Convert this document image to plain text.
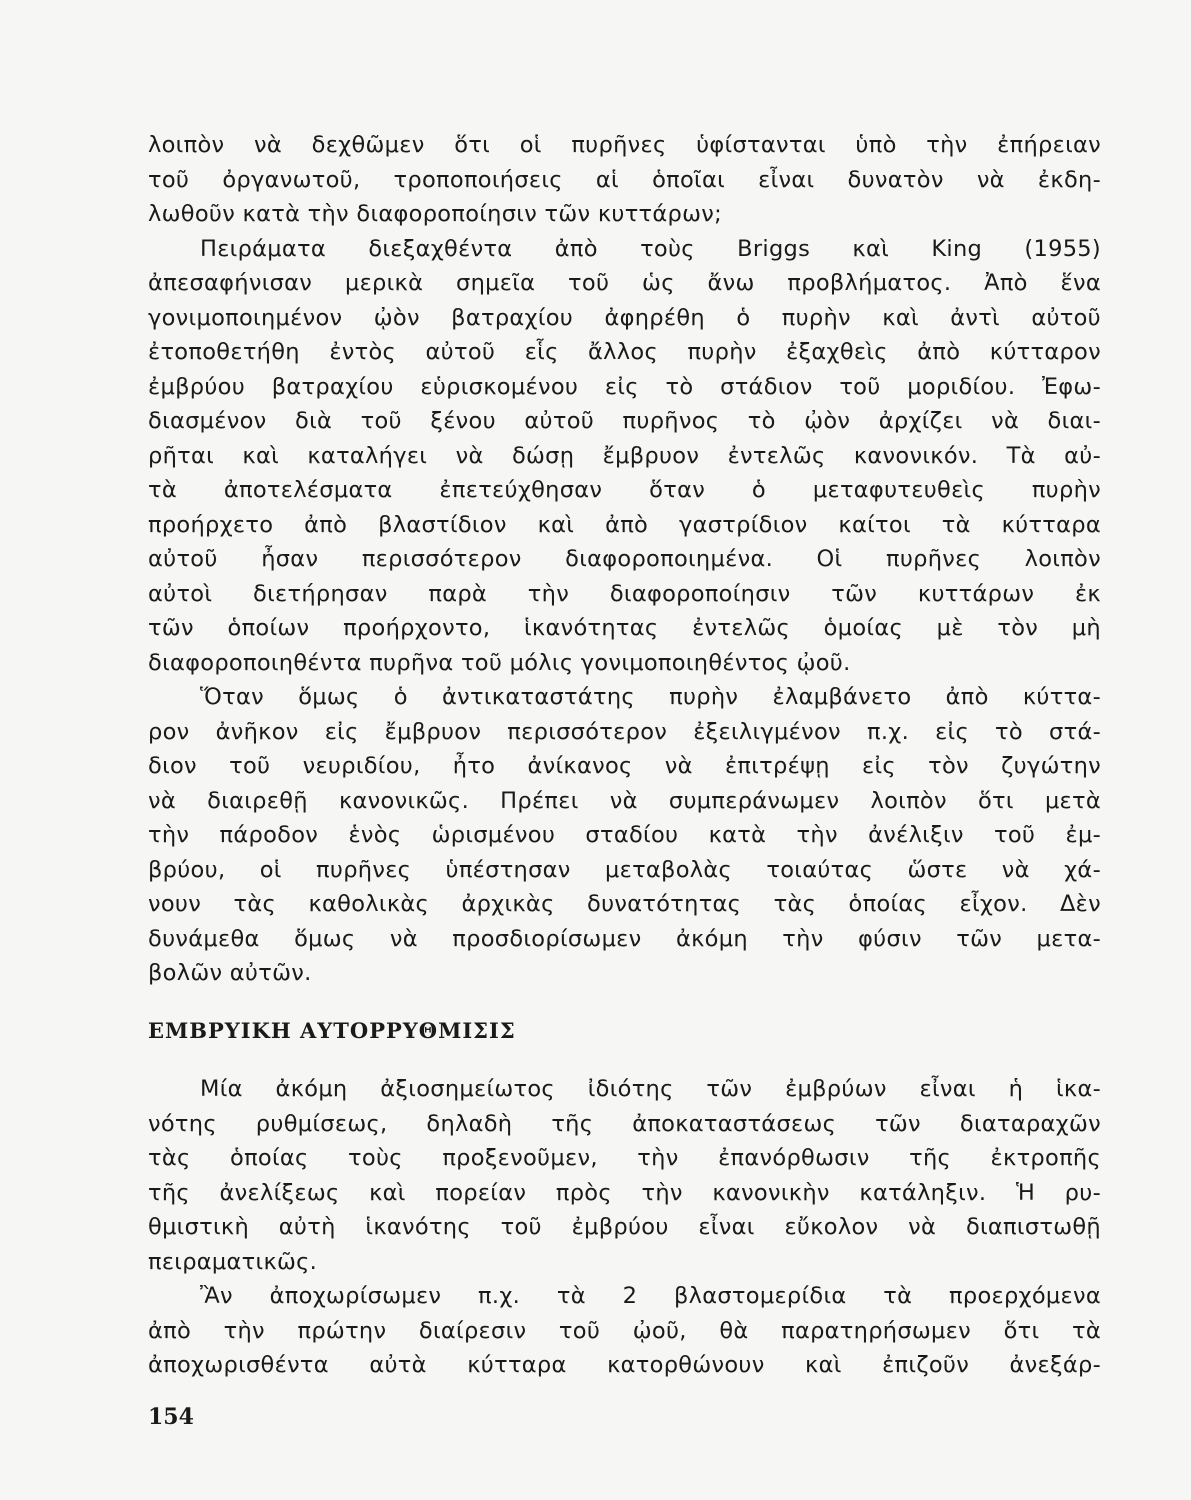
λοιπὸν νὰ δεχθῶμεν ὅτι οἱ πυρῆνες ὑφίστανται ὑπὸ τὴν ἐπήρειαν
τοῦ ὀργανωτοῦ, τροποποιήσεις αἱ ὁποῖαι εἶναι δυνατὸν νὰ ἐκδη-
λωθοῦν κατὰ τὴν διαφοροποίησιν τῶν κυττάρων;
Πειράματα διεξαχθέντα ἀπὸ τοὺς Briggs καὶ King (1955)
ἀπεσαφήνισαν μερικὰ σημεῖα τοῦ ὡς ἄνω προβλήματος. Ἀπὸ ἕνα
γονιμοποιημένον ᾠὸν βατραχίου ἀφηρέθη ὁ πυρὴν καὶ ἀντὶ αὐτοῦ
ἐτοποθετήθη ἐντὸς αὐτοῦ εἷς ἄλλος πυρὴν ἐξαχθεὶς ἀπὸ κύτταρον
ἐμβρύου βατραχίου εὑρισκομένου εἰς τὸ στάδιον τοῦ μοριδίου. Ἐφω-
διασμένον διὰ τοῦ ξένου αὐτοῦ πυρῆνος τὸ ᾠὸν ἀρχίζει νὰ διαι-
ρῆται καὶ καταλήγει νὰ δώσῃ ἔμβρυον ἐντελῶς κανονικόν. Τὰ αὐ-
τὰ ἀποτελέσματα ἐπετεύχθησαν ὅταν ὁ μεταφυτευθεὶς πυρὴν
προήρχετο ἀπὸ βλαστίδιον καὶ ἀπὸ γαστρίδιον καίτοι τὰ κύτταρα
αὐτοῦ ἦσαν περισσότερον διαφοροποιημένα. Οἱ πυρῆνες λοιπὸν
αὐτοὶ διετήρησαν παρὰ τὴν διαφοροποίησιν τῶν κυττάρων ἐκ
τῶν ὁποίων προήρχοντο, ἱκανότητας ἐντελῶς ὁμοίας μὲ τὸν μὴ
διαφοροποιηθέντα πυρῆνα τοῦ μόλις γονιμοποιηθέντος ᾠοῦ.
Ὅταν ὅμως ὁ ἀντικαταστάτης πυρὴν ἐλαμβάνετο ἀπὸ κύττα-
ρον ἀνῆκον εἰς ἔμβρυον περισσότερον ἐξειλιγμένον π.χ. εἰς τὸ στά-
διον τοῦ νευριδίου, ἦτο ἀνίκανος νὰ ἐπιτρέψῃ εἰς τὸν ζυγώτην
νὰ διαιρεθῇ κανονικῶς. Πρέπει νὰ συμπεράνωμεν λοιπὸν ὅτι μετὰ
τὴν πάροδον ἑνὸς ὡρισμένου σταδίου κατὰ τὴν ἀνέλιξιν τοῦ ἐμ-
βρύου, οἱ πυρῆνες ὑπέστησαν μεταβολὰς τοιαύτας ὥστε νὰ χά-
νουν τὰς καθολικὰς ἀρχικὰς δυνατότητας τὰς ὁποίας εἶχον. Δὲν
δυνάμεθα ὅμως νὰ προσδιορίσωμεν ἀκόμη τὴν φύσιν τῶν μετα-
βολῶν αὐτῶν.
ΕΜΒΡΥΙΚΗ ΑΥΤΟΡΡΥΘΜΙΣΙΣ
Μία ἀκόμη ἀξιοσημείωτος ἰδιότης τῶν ἐμβρύων εἶναι ἡ ἱκα-
νότης ρυθμίσεως, δηλαδὴ τῆς ἀποκαταστάσεως τῶν διαταραχῶν
τὰς ὁποίας τοὺς προξενοῦμεν, τὴν ἐπανόρθωσιν τῆς ἐκτροπῆς
τῆς ἀνελίξεως καὶ πορείαν πρὸς τὴν κανονικὴν κατάληξιν. Ἡ ρυ-
θμιστικὴ αὐτὴ ἱκανότης τοῦ ἐμβρύου εἶναι εὔκολον νὰ διαπιστωθῇ
πειραματικῶς.
Ἂν ἀποχωρίσωμεν π.χ. τὰ 2 βλαστομερίδια τὰ προερχόμενα
ἀπὸ τὴν πρώτην διαίρεσιν τοῦ ᾠοῦ, θὰ παρατηρήσωμεν ὅτι τὰ
ἀποχωρισθέντα αὐτὰ κύτταρα κατορθώνουν καὶ ἐπιζοῦν ἀνεξάρ-
154
